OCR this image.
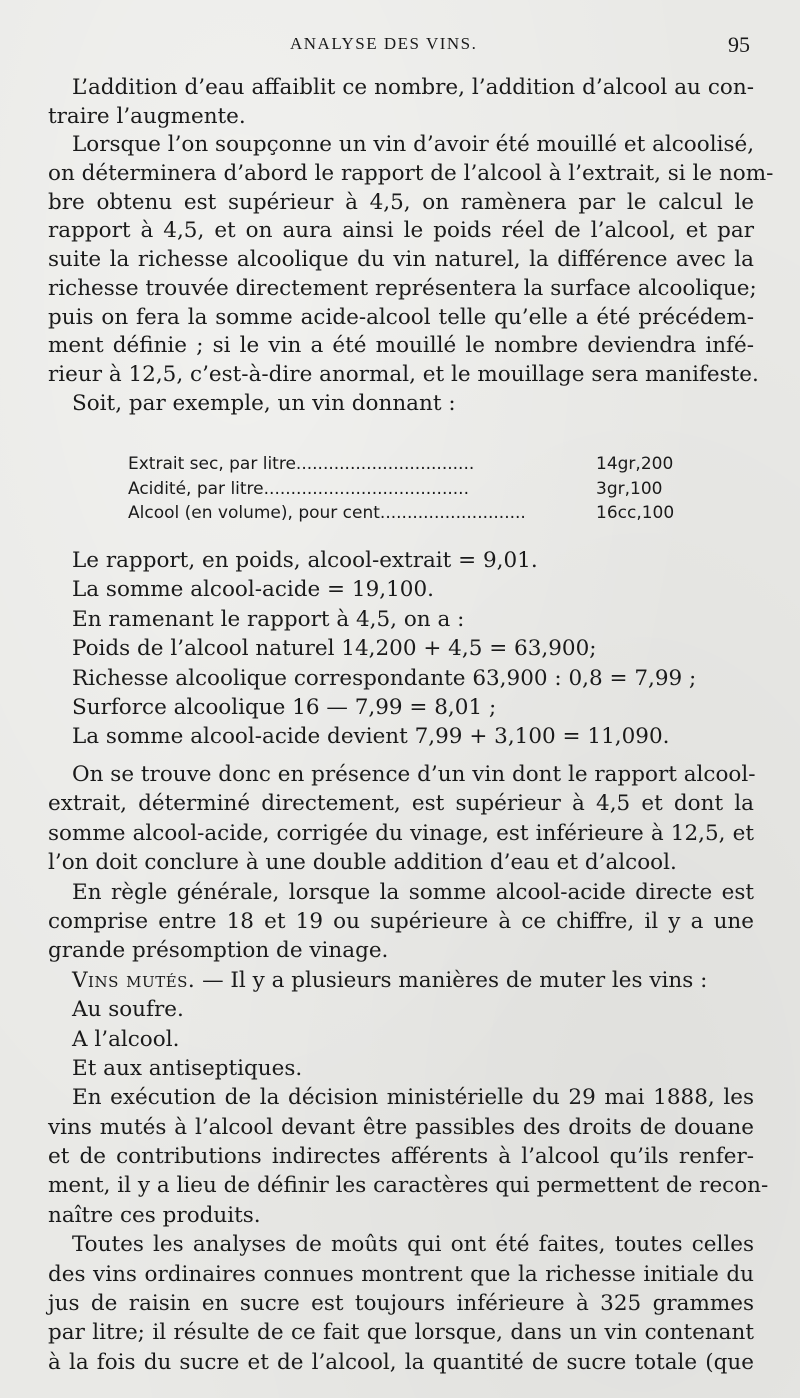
ANALYSE DES VINS.	95
L’addition d’eau affaiblit ce nombre, l’addition d’alcool au con-
traire l’augmente.
Lorsque l’on soupçonne un vin d’avoir été mouillé et alcoolisé,
on déterminera d’abord le rapport de l’alcool à l’extrait, si le nom-
bre obtenu est supérieur à 4,5, on ramènera par le calcul le
rapport à 4,5, et on aura ainsi le poids réel de l’alcool, et par
suite la richesse alcoolique du vin naturel, la différence avec la
richesse trouvée directement représentera la surface alcoolique;
puis on fera la somme acide-alcool telle qu’elle a été précédem-
ment définie ; si le vin a été mouillé le nombre deviendra infé-
rieur à 12,5, c’est-à-dire anormal, et le mouillage sera manifeste.
Soit, par exemple, un vin donnant :
Extrait sec, par litre.................................	14gr,200
Acidité, par litre......................................	3gr,100
Alcool (en volume), pour cent...........................	16cc,100
Le rapport, en poids, alcool-extrait = 9,01.
La somme alcool-acide = 19,100.
En ramenant le rapport à 4,5, on a :
Poids de l’alcool naturel 14,200 + 4,5 = 63,900;
Richesse alcoolique correspondante 63,900 : 0,8 = 7,99 ;
Surforce alcoolique 16 — 7,99 = 8,01 ;
La somme alcool-acide devient 7,99 + 3,100 = 11,090.
On se trouve donc en présence d’un vin dont le rapport alcool-
extrait, déterminé directement, est supérieur à 4,5 et dont la
somme alcool-acide, corrigée du vinage, est inférieure à 12,5, et
l’on doit conclure à une double addition d’eau et d’alcool.
En règle générale, lorsque la somme alcool-acide directe est
comprise entre 18 et 19 ou supérieure à ce chiffre, il y a une
grande présomption de vinage.
Vins mutés. — Il y a plusieurs manières de muter les vins :
Au soufre.
A l’alcool.
Et aux antiseptiques.
En exécution de la décision ministérielle du 29 mai 1888, les
vins mutés à l’alcool devant être passibles des droits de douane
et de contributions indirectes afférents à l’alcool qu’ils renfer-
ment, il y a lieu de définir les caractères qui permettent de recon-
naître ces produits.
Toutes les analyses de moûts qui ont été faites, toutes celles
des vins ordinaires connues montrent que la richesse initiale du
jus de raisin en sucre est toujours inférieure à 325 grammes
par litre; il résulte de ce fait que lorsque, dans un vin contenant
à la fois du sucre et de l’alcool, la quantité de sucre totale (que
